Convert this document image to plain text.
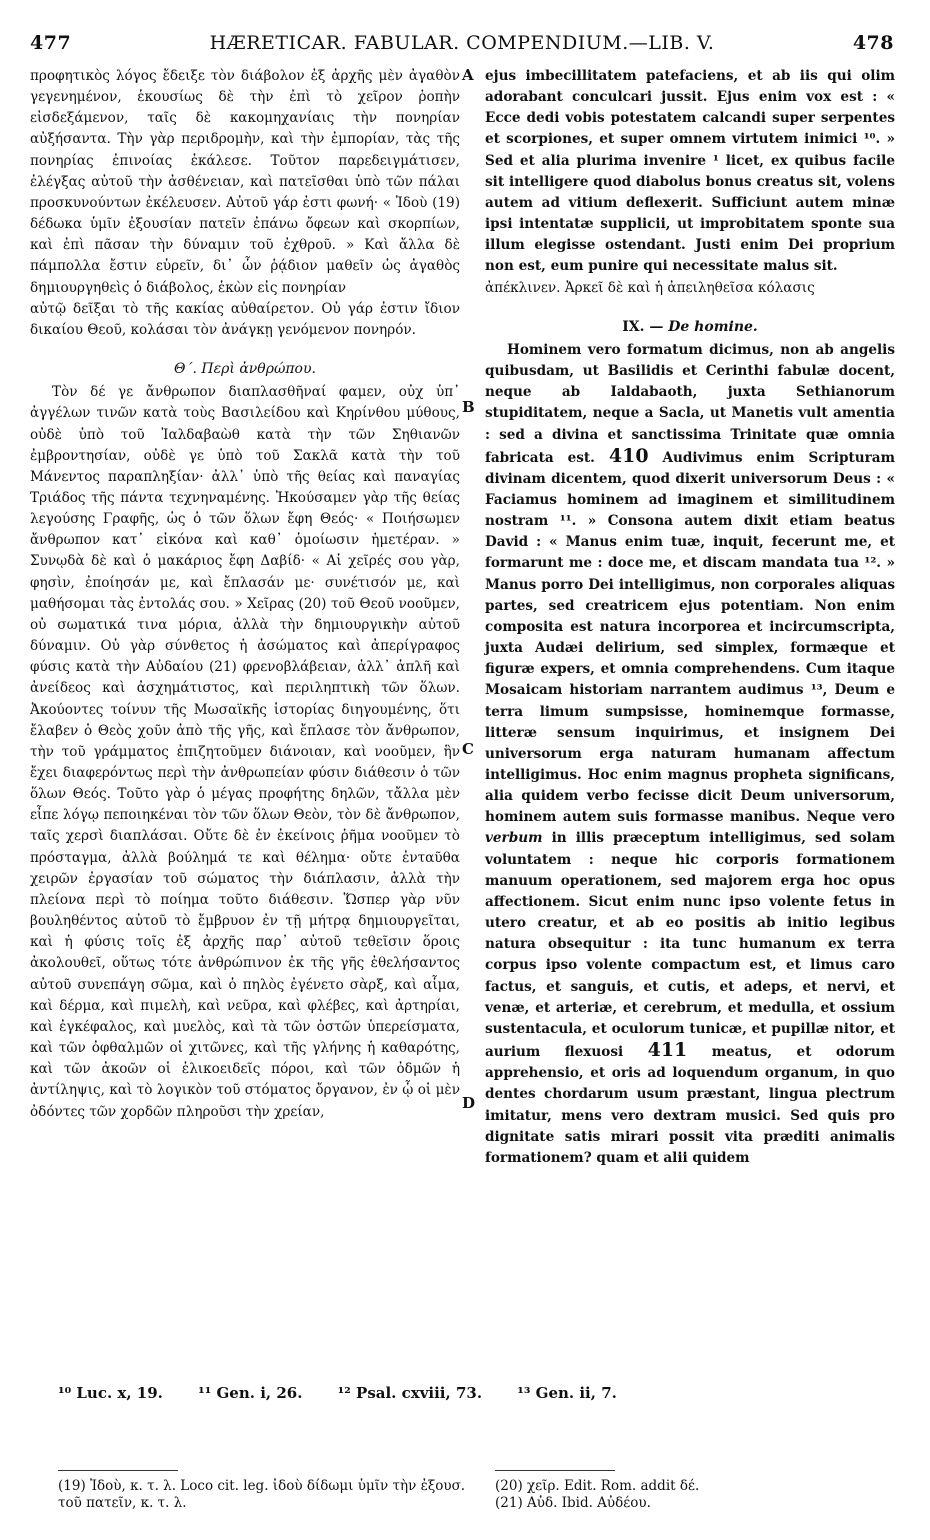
477	HÆRETICAR. FABULAR. COMPENDIUM.—LIB. V.	478
A
B
C
D

προφητικὸς λόγος ἔδειξε τὸν διάβολον ἐξ ἀρχῆς μὲν ἀγαθὸν γεγενημένον, ἑκουσίως δὲ τὴν ἐπὶ τὸ χεῖρον ῥοπὴν εἰσδεξάμενον, ταῖς δὲ κακομηχανίαις τὴν πονηρίαν αὐξήσαντα. Τὴν γὰρ περιδρομὴν, καὶ τὴν ἐμπορίαν, τὰς τῆς πονηρίας ἐπινοίας ἐκάλεσε. Τοῦτον παρεδειγμάτισεν, ἐλέγξας αὐτοῦ τὴν ἀσθένειαν, καὶ πατεῖσθαι ὑπὸ τῶν πάλαι προσκυνούντων ἐκέλευσεν. Αὐτοῦ γάρ ἐστι φωνή· « Ἰδοὺ (19) δέδωκα ὑμῖν ἐξουσίαν πατεῖν ἐπάνω ὄφεων καὶ σκορπίων, καὶ ἐπὶ πᾶσαν τὴν δύναμιν τοῦ ἐχθροῦ. » Καὶ ἄλλα δὲ πάμπολλα ἔστιν εὑρεῖν, δι᾽ ὧν ῥᾴδιον μαθεῖν ὡς ἀγαθὸς δημιουργηθεὶς ὁ διάβολος, ἑκὼν εἰς πονηρίαν

αὐτῷ δεῖξαι τὸ τῆς κακίας αὐθαίρετον. Οὐ γάρ ἐστιν ἴδιον δικαίου Θεοῦ, κολάσαι τὸν ἀνάγκῃ γενόμενον πονηρόν.

Θ΄. Περὶ ἀνθρώπου.

Τὸν δέ γε ἄνθρωπον διαπλασθῆναί φαμεν, οὐχ ὑπ᾽ ἀγγέλων τινῶν κατὰ τοὺς Βασιλείδου καὶ Κηρίνθου μύθους, οὐδὲ ὑπὸ τοῦ Ἰαλδαβαὼθ κατὰ τὴν τῶν Σηθιανῶν ἐμβροντησίαν, οὐδὲ γε ὑπὸ τοῦ Σακλᾶ κατὰ τὴν τοῦ Μάνεντος παραπληξίαν· ἀλλ᾽ ὑπὸ τῆς θείας καὶ παναγίας Τριάδος τῆς πάντα τεχνηναμένης. Ἠκούσαμεν γὰρ τῆς θείας λεγούσης Γραφῆς, ὡς ὁ τῶν ὅλων ἔφη Θεός· « Ποιήσωμεν ἄνθρωπον κατ᾽ εἰκόνα καὶ καθ᾽ ὁμοίωσιν ἡμετέραν. » Συνῳδὰ δὲ καὶ ὁ μακάριος ἔφη Δαβίδ· « Αἱ χεῖρές σου γὰρ, φησὶν, ἐποίησάν με, καὶ ἔπλασάν με· συνέτισόν με, καὶ μαθήσομαι τὰς ἐντολάς σου. » Χεῖρας (20) τοῦ Θεοῦ νοοῦμεν, οὐ σωματικά τινα μόρια, ἀλλὰ τὴν δημιουργικὴν αὐτοῦ δύναμιν. Οὐ γὰρ σύνθετος ἡ ἀσώματος καὶ ἀπερίγραφος φύσις κατὰ τὴν Αὐδαίου (21) φρενοβλάβειαν, ἀλλ᾽ ἁπλῆ καὶ ἀνείδεος καὶ ἀσχημάτιστος, καὶ περιληπτικὴ τῶν ὅλων. Ἀκούοντες τοίνυν τῆς Μωσαϊκῆς ἱστορίας διηγουμένης, ὅτι ἔλαβεν ὁ Θεὸς χοῦν ἀπὸ τῆς γῆς, καὶ ἔπλασε τὸν ἄνθρωπον, τὴν τοῦ γράμματος ἐπιζητοῦμεν διάνοιαν, καὶ νοοῦμεν, ἣν ἔχει διαφερόντως περὶ τὴν ἀνθρωπείαν φύσιν διάθεσιν ὁ τῶν ὅλων Θεός. Τοῦτο γὰρ ὁ μέγας προφήτης δηλῶν, τἄλλα μὲν εἶπε λόγῳ πεποιηκέναι τὸν τῶν ὅλων Θεὸν, τὸν δὲ ἄνθρωπον, ταῖς χερσὶ διαπλάσαι. Οὔτε δὲ ἐν ἐκείνοις ῥῆμα νοοῦμεν τὸ πρόσταγμα, ἀλλὰ βούλημά τε καὶ θέλημα· οὔτε ἐνταῦθα χειρῶν ἐργασίαν τοῦ σώματος τὴν διάπλασιν, ἀλλὰ τὴν πλείονα περὶ τὸ ποίημα τοῦτο διάθεσιν. Ὥσπερ γὰρ νῦν βουληθέντος αὐτοῦ τὸ ἔμβρυον ἐν τῇ μήτρᾳ δημιουργεῖται, καὶ ἡ φύσις τοῖς ἐξ ἀρχῆς παρ᾽ αὐτοῦ τεθεῖσιν ὅροις ἀκολουθεῖ, οὕτως τότε ἀνθρώπινον ἐκ τῆς γῆς ἐθελήσαντος αὐτοῦ συνεπάγη σῶμα, καὶ ὁ πηλὸς ἐγένετο σὰρξ, καὶ αἷμα, καὶ δέρμα, καὶ πιμελὴ, καὶ νεῦρα, καὶ φλέβες, καὶ ἀρτηρίαι, καὶ ἐγκέφαλος, καὶ μυελὸς, καὶ τὰ τῶν ὀστῶν ὑπερείσματα, καὶ τῶν ὀφθαλμῶν οἱ χιτῶνες, καὶ τῆς γλήνης ἡ καθαρότης, καὶ τῶν ἀκοῶν οἱ ἑλικοειδεῖς πόροι, καὶ τῶν ὀδμῶν ἡ ἀντίληψις, καὶ τὸ λογικὸν τοῦ στόματος ὄργανον, ἐν ᾧ οἱ μὲν ὀδόντες τῶν χορδῶν πληροῦσι τὴν χρείαν,

ejus imbecillitatem patefaciens, et ab iis qui olim adorabant conculcari jussit. Ejus enim vox est : « Ecce dedi vobis potestatem calcandi super serpentes et scorpiones, et super omnem virtutem inimici ¹⁰. » Sed et alia plurima invenire ¹ licet, ex quibus facile sit intelligere quod diabolus bonus creatus sit, volens autem ad vitium deflexerit. Sufficiunt autem minæ ipsi intentatæ supplicii, ut improbitatem sponte sua illum elegisse ostendant. Justi enim Dei proprium non est, eum punire qui necessitate malus sit.

ἀπέκλινεν. Ἀρκεῖ δὲ καὶ ἡ ἀπειληθεῖσα κόλασις

IX. — De homine.

Hominem vero formatum dicimus, non ab angelis quibusdam, ut Basilidis et Cerinthi fabulæ docent, neque ab Ialdabaoth, juxta Sethianorum stupiditatem, neque a Sacla, ut Manetis vult amentia : sed a divina et sanctissima Trinitate quæ omnia fabricata est. 410 Audivimus enim Scripturam divinam dicentem, quod dixerit universorum Deus : « Faciamus hominem ad imaginem et similitudinem nostram ¹¹. » Consona autem dixit etiam beatus David : « Manus enim tuæ, inquit, fecerunt me, et formarunt me : doce me, et discam mandata tua ¹². » Manus porro Dei intelligimus, non corporales aliquas partes, sed creatricem ejus potentiam. Non enim composita est natura incorporea et incircumscripta, juxta Audæi delirium, sed simplex, formæque et figuræ expers, et omnia comprehendens. Cum itaque Mosaicam historiam narrantem audimus ¹³, Deum e terra limum sumpsisse, hominemque formasse, litteræ sensum inquirimus, et insignem Dei universorum erga naturam humanam affectum intelligimus. Hoc enim magnus propheta significans, alia quidem verbo fecisse dicit Deum universorum, hominem autem suis formasse manibus. Neque vero verbum in illis præceptum intelligimus, sed solam voluntatem : neque hic corporis formationem manuum operationem, sed majorem erga hoc opus affectionem. Sicut enim nunc ipso volente fetus in utero creatur, et ab eo positis ab initio legibus natura obsequitur : ita tunc humanum ex terra corpus ipso volente compactum est, et limus caro factus, et sanguis, et cutis, et adeps, et nervi, et venæ, et arteriæ, et cerebrum, et medulla, et ossium sustentacula, et oculorum tunicæ, et pupillæ nitor, et aurium flexuosi 411 meatus, et odorum apprehensio, et oris ad loquendum organum, in quo dentes chordarum usum præstant, lingua plectrum imitatur, mens vero dextram musici. Sed quis pro dignitate satis mirari possit vita præditi animalis formationem? quam et alii quidem

¹⁰ Luc. x, 19. ¹¹ Gen. i, 26. ¹² Psal. cxviii, 73. ¹³ Gen. ii, 7.
(19) Ἰδοὺ, κ. τ. λ. Loco cit. leg. ἰδοὺ δίδωμι ὑμῖν τὴν ἐξουσ. τοῦ πατεῖν, κ. τ. λ.
(20) χεῖρ. Edit. Rom. addit δέ.
(21) Αὐδ. Ibid. Αὐδέου.
